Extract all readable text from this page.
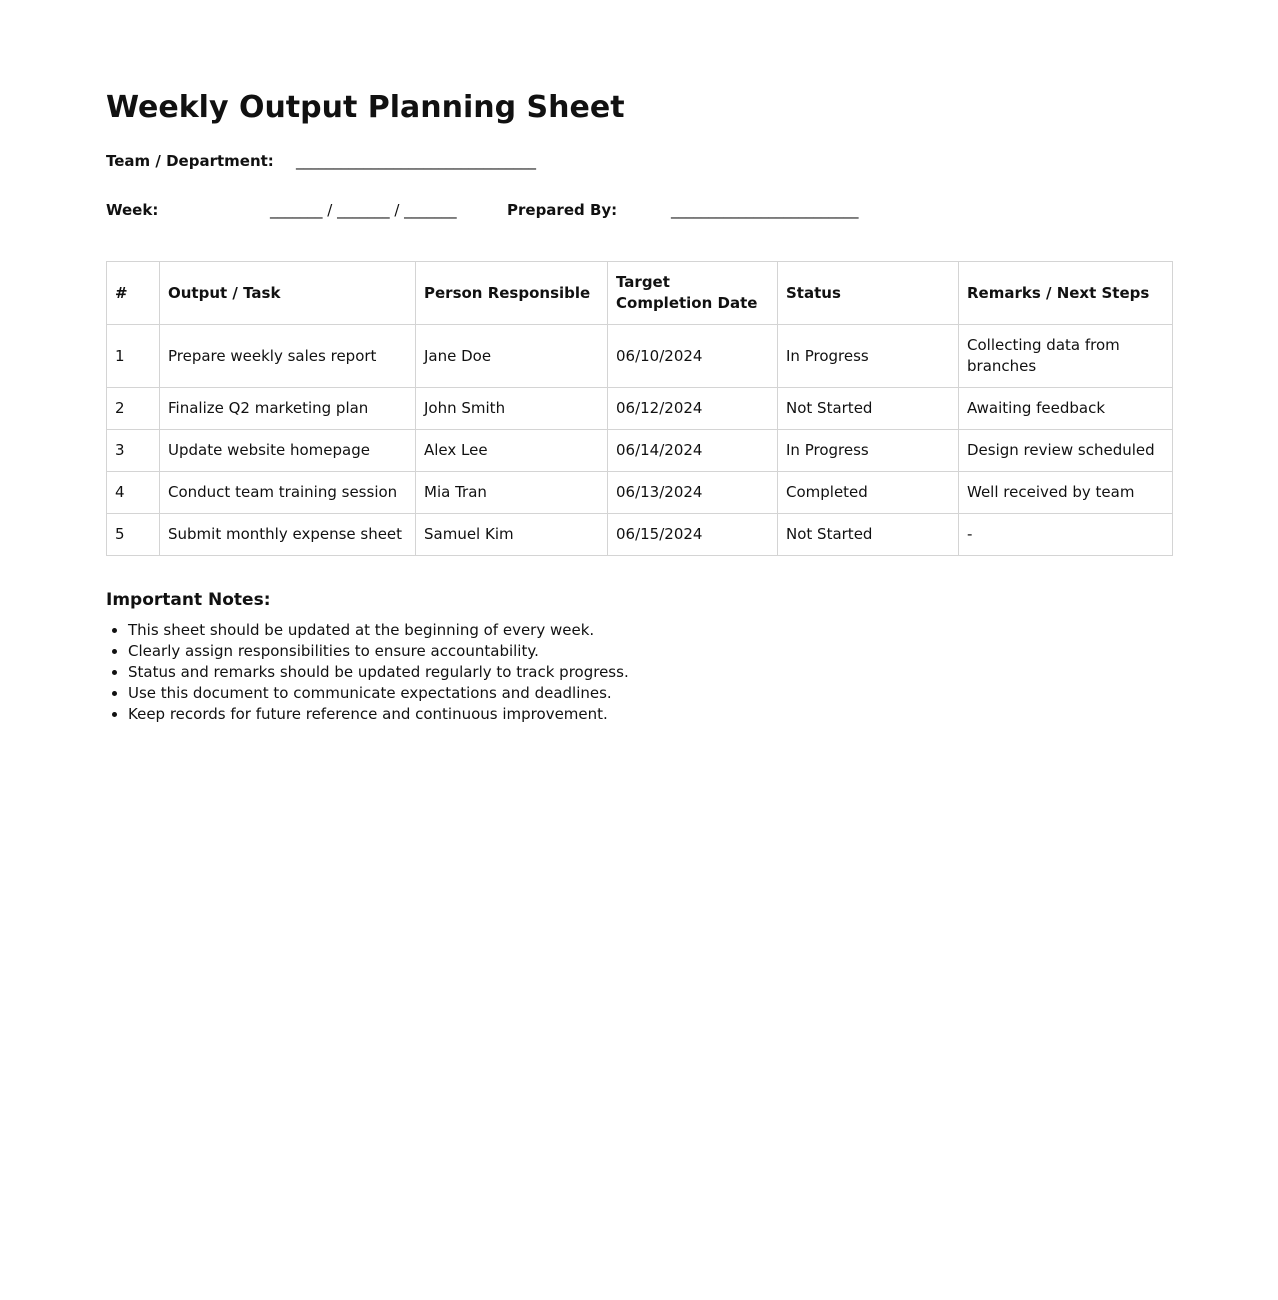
Weekly Output Planning Sheet
Team / Department:	________________________________
Week:	_______ / _______ / _______	Prepared By:	_________________________
#	Output / Task	Person Responsible	Target Completion Date	Status	Remarks / Next Steps
1	Prepare weekly sales report	Jane Doe	06/10/2024	In Progress	Collecting data from branches
2	Finalize Q2 marketing plan	John Smith	06/12/2024	Not Started	Awaiting feedback
3	Update website homepage	Alex Lee	06/14/2024	In Progress	Design review scheduled
4	Conduct team training session	Mia Tran	06/13/2024	Completed	Well received by team
5	Submit monthly expense sheet	Samuel Kim	06/15/2024	Not Started	-
Important Notes:
• This sheet should be updated at the beginning of every week.
• Clearly assign responsibilities to ensure accountability.
• Status and remarks should be updated regularly to track progress.
• Use this document to communicate expectations and deadlines.
• Keep records for future reference and continuous improvement.
